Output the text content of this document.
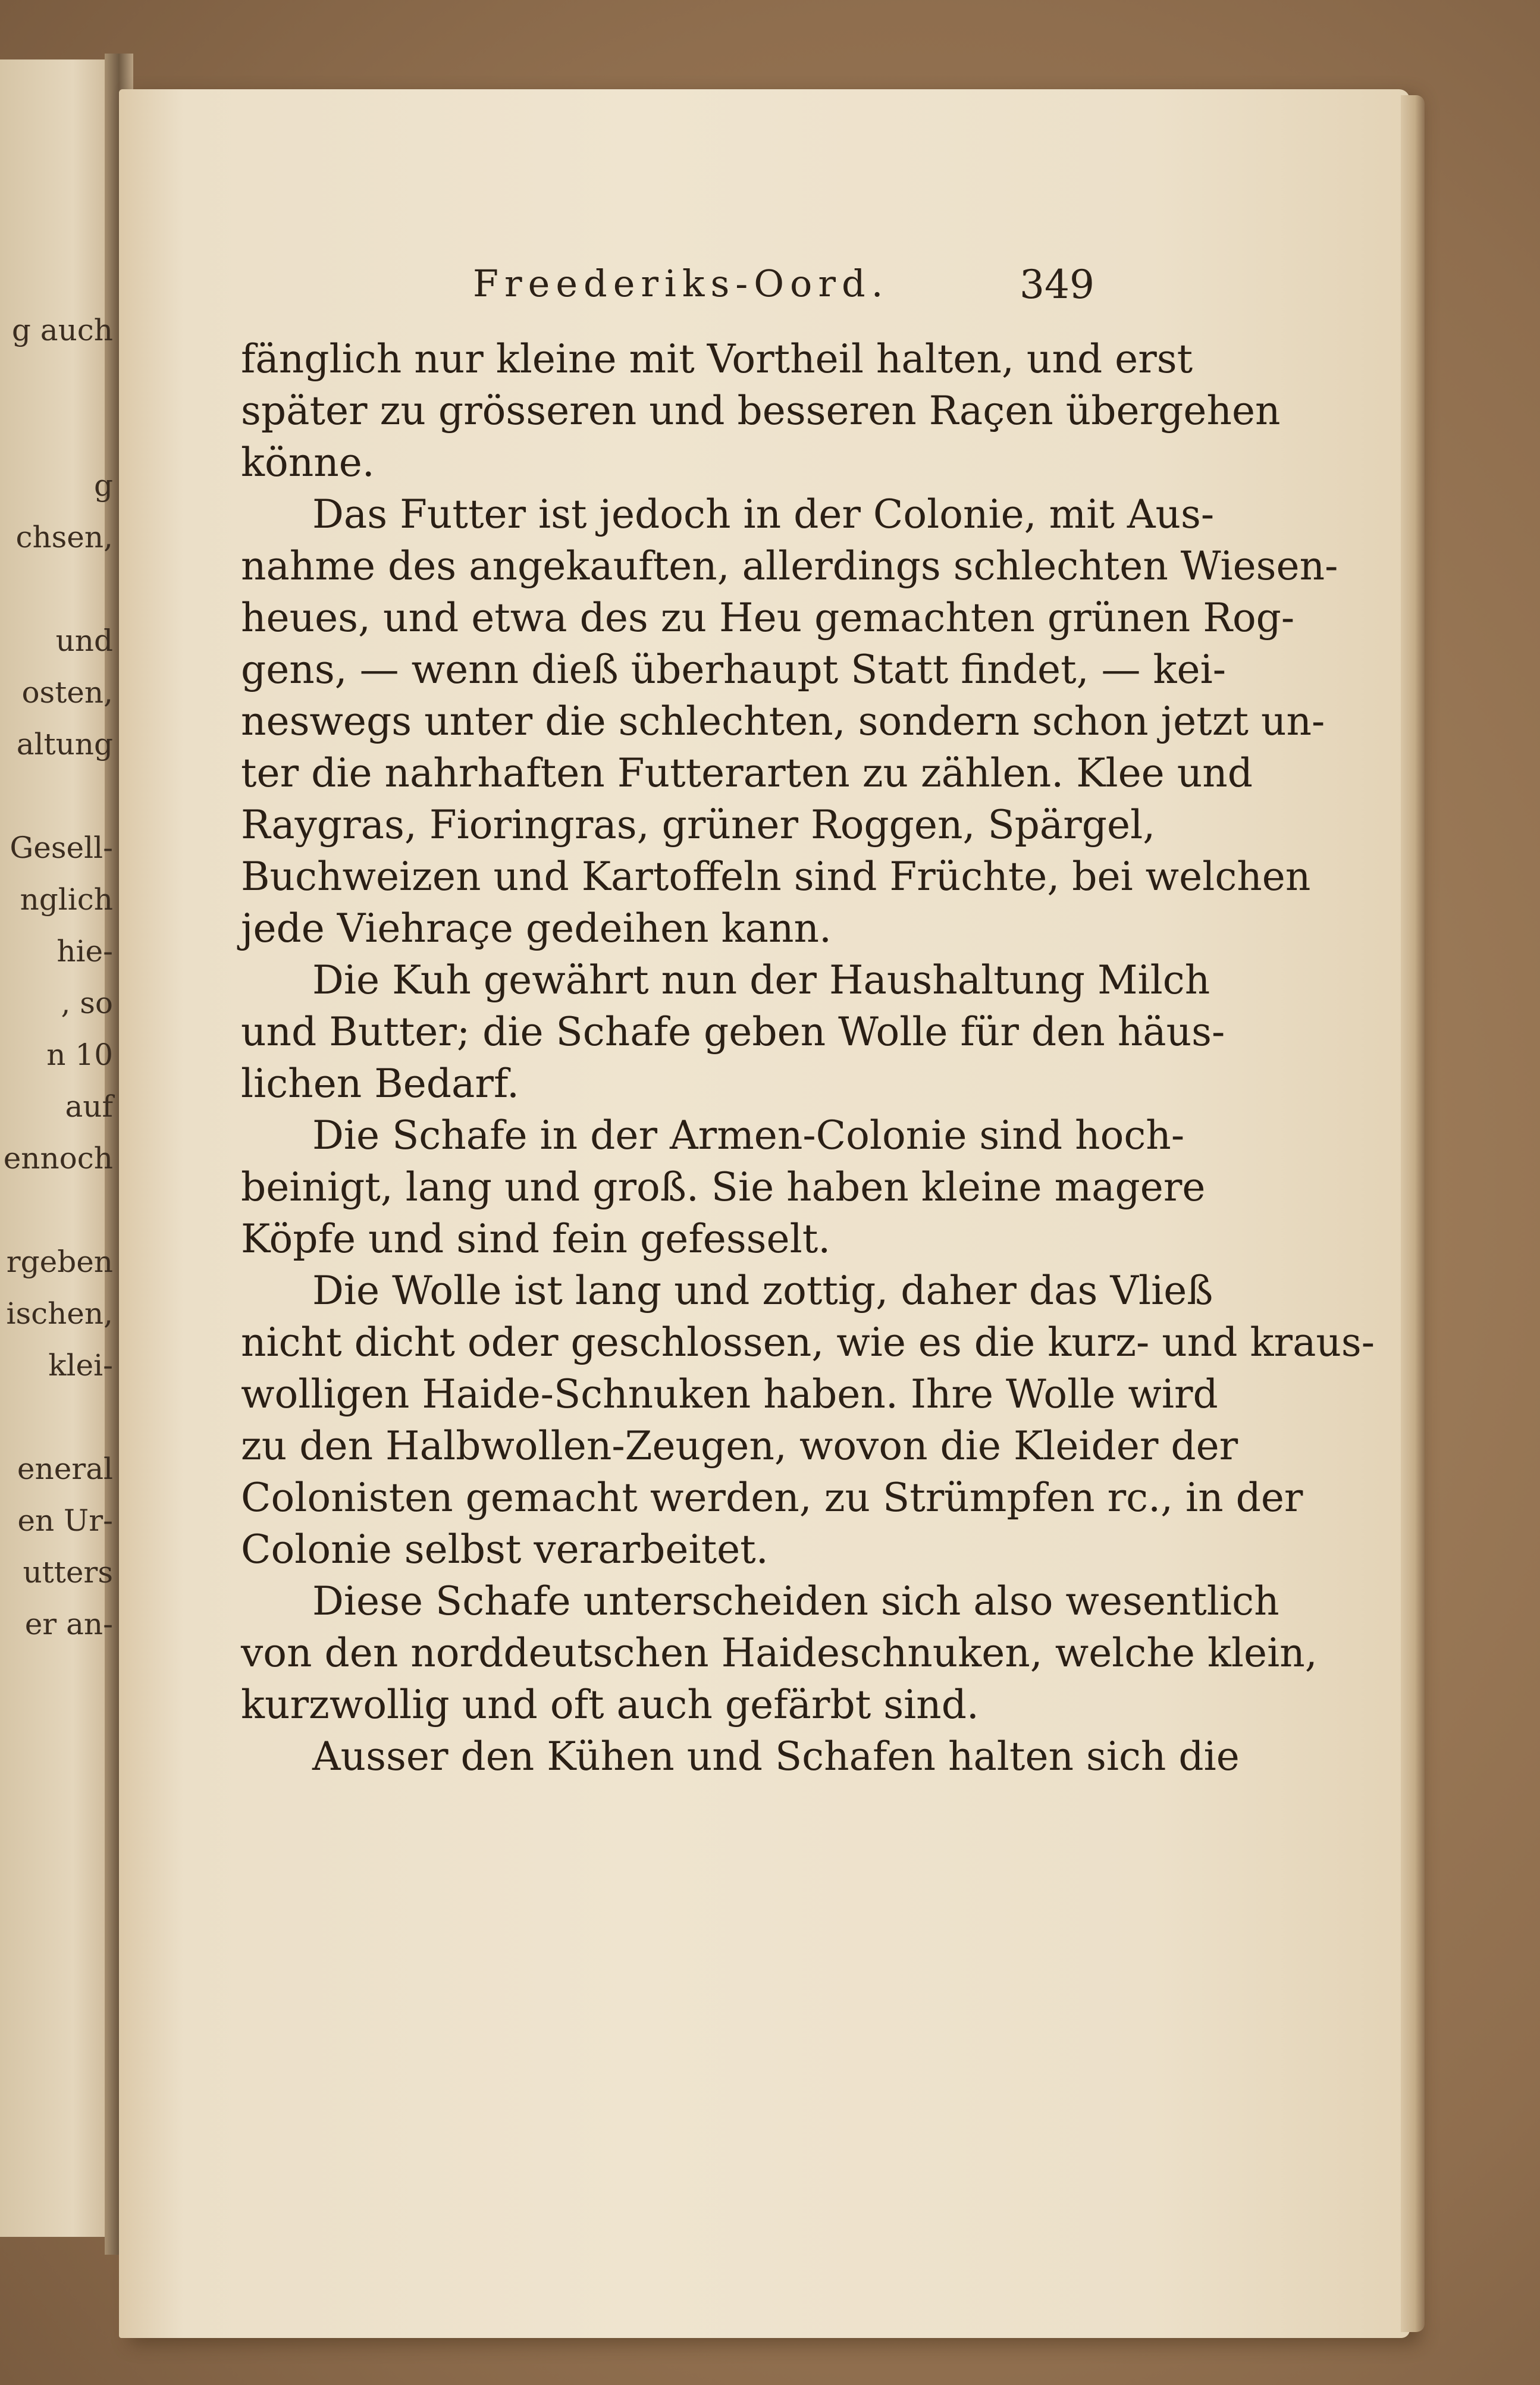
g auch
g
chsen,
und
osten,
altung
Gesell-
nglich
hie-
, so
n 10
auf
ennoch
rgeben
ischen,
klei-
eneral
en Ur-
utters
er an-
Freederiks-Oord.	349
fänglich nur kleine mit Vortheil halten, und erst
später zu grösseren und besseren Raçen übergehen
könne.
Das Futter ist jedoch in der Colonie, mit Aus-
nahme des angekauften, allerdings schlechten Wiesen-
heues, und etwa des zu Heu gemachten grünen Rog-
gens, — wenn dieß überhaupt Statt findet, — kei-
neswegs unter die schlechten, sondern schon jetzt un-
ter die nahrhaften Futterarten zu zählen. Klee und
Raygras, Fioringras, grüner Roggen, Spärgel,
Buchweizen und Kartoffeln sind Früchte, bei welchen
jede Viehraçe gedeihen kann.
Die Kuh gewährt nun der Haushaltung Milch
und Butter; die Schafe geben Wolle für den häus-
lichen Bedarf.
Die Schafe in der Armen-Colonie sind hoch-
beinigt, lang und groß. Sie haben kleine magere
Köpfe und sind fein gefesselt.
Die Wolle ist lang und zottig, daher das Vließ
nicht dicht oder geschlossen, wie es die kurz- und kraus-
wolligen Haide-Schnuken haben. Ihre Wolle wird
zu den Halbwollen-Zeugen, wovon die Kleider der
Colonisten gemacht werden, zu Strümpfen rc., in der
Colonie selbst verarbeitet.
Diese Schafe unterscheiden sich also wesentlich
von den norddeutschen Haideschnuken, welche klein,
kurzwollig und oft auch gefärbt sind.
Ausser den Kühen und Schafen halten sich die
